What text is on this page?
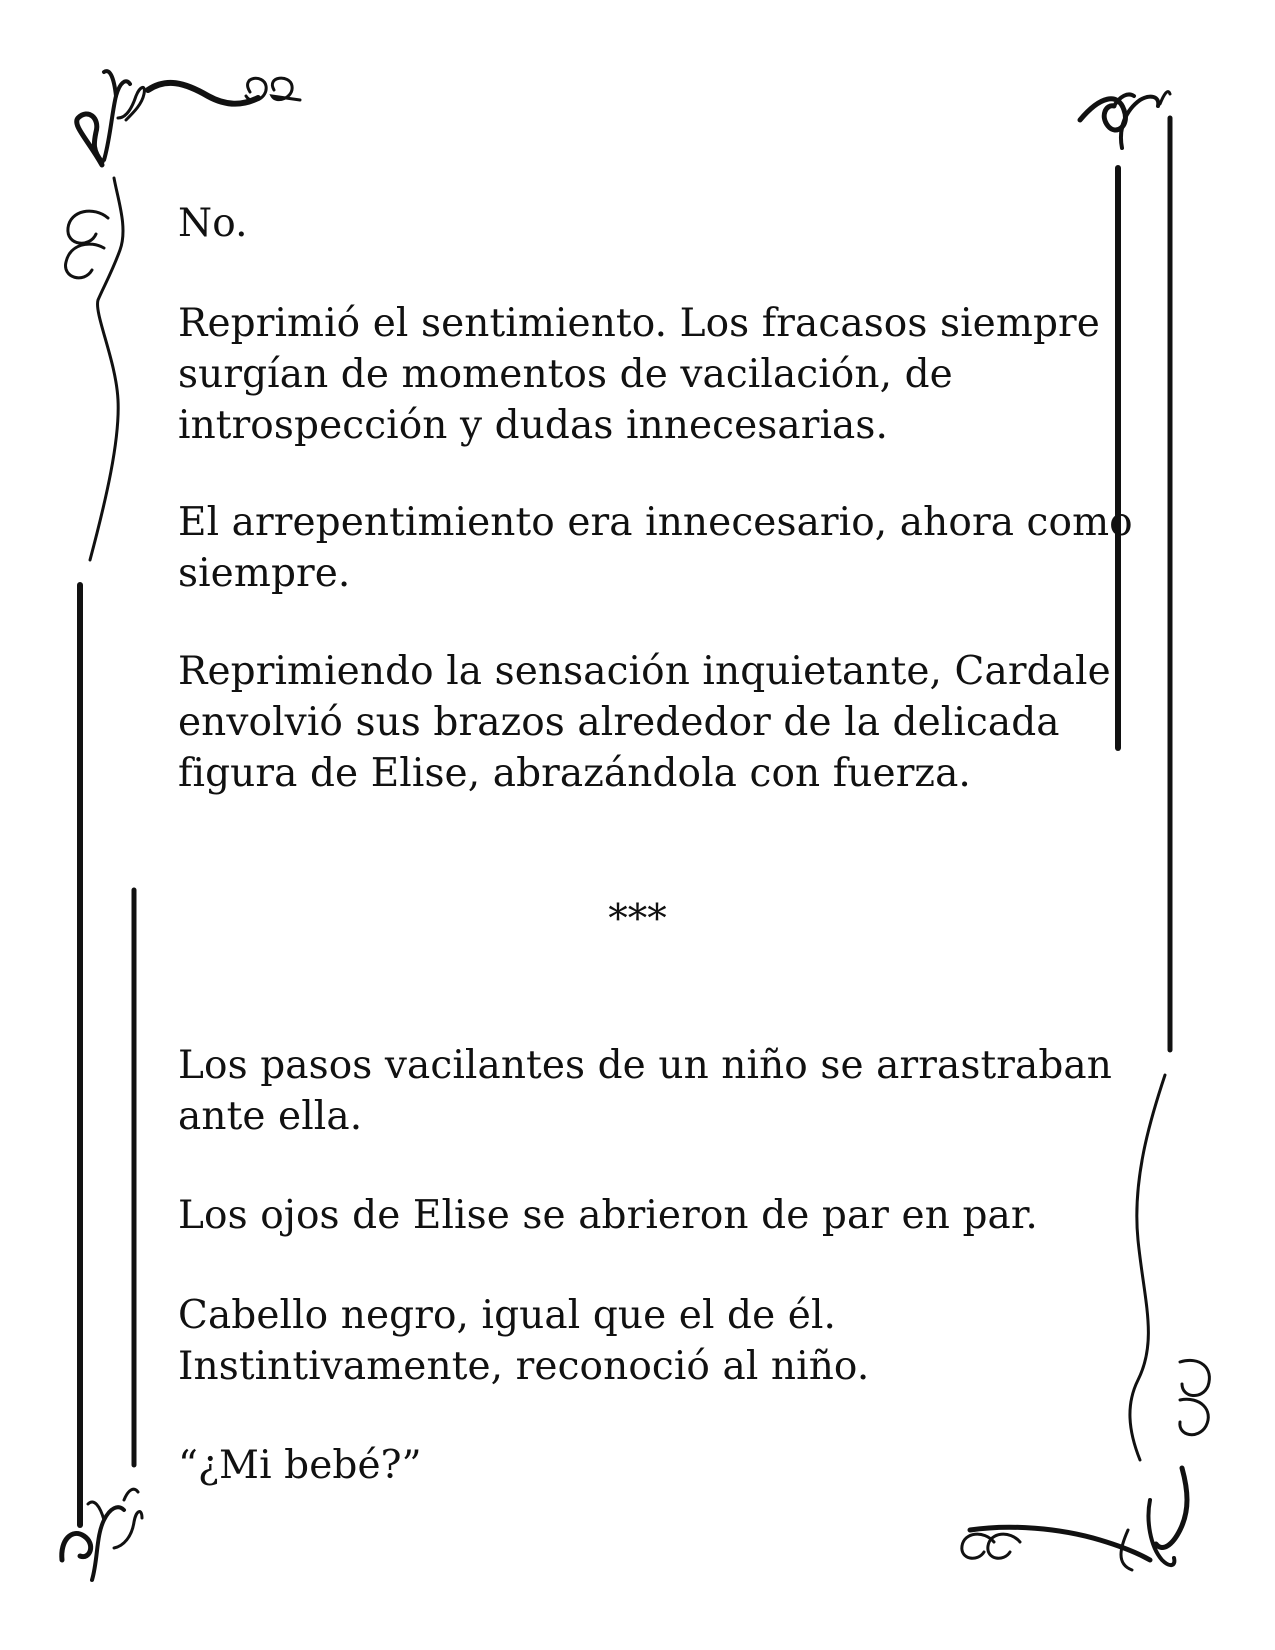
No.

Reprimió el sentimiento. Los fracasos siempre
surgían de momentos de vacilación, de
introspección y dudas innecesarias.

El arrepentimiento era innecesario, ahora como
siempre.

Reprimiendo la sensación inquietante, Cardale
envolvió sus brazos alrededor de la delicada
figura de Elise, abrazándola con fuerza.

***

Los pasos vacilantes de un niño se arrastraban
ante ella.

Los ojos de Elise se abrieron de par en par.

Cabello negro, igual que el de él.
Instintivamente, reconoció al niño.

“¿Mi bebé?”
